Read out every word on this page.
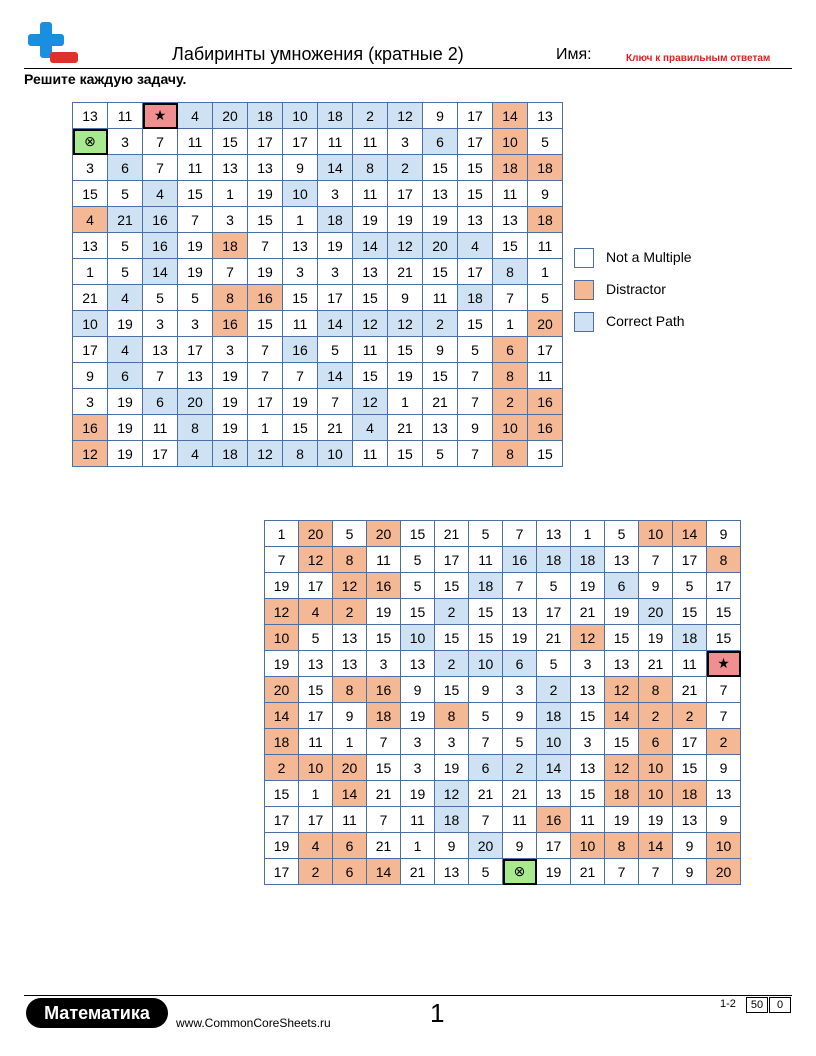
Лабиринты умножения (кратные 2)	Имя:	Ключ к правильным ответам
Решите каждую задачу.
13	11	★	4	20	18	10	18	2	12	9	17	14	13
⊗	3	7	11	15	17	17	11	11	3	6	17	10	5
3	6	7	11	13	13	9	14	8	2	15	15	18	18
15	5	4	15	1	19	10	3	11	17	13	15	11	9
4	21	16	7	3	15	1	18	19	19	19	13	13	18
13	5	16	19	18	7	13	19	14	12	20	4	15	11
1	5	14	19	7	19	3	3	13	21	15	17	8	1
21	4	5	5	8	16	15	17	15	9	11	18	7	5
10	19	3	3	16	15	11	14	12	12	2	15	1	20
17	4	13	17	3	7	16	5	11	15	9	5	6	17
9	6	7	13	19	7	7	14	15	19	15	7	8	11
3	19	6	20	19	17	19	7	12	1	21	7	2	16
16	19	11	8	19	1	15	21	4	21	13	9	10	16
12	19	17	4	18	12	8	10	11	15	5	7	8	15
Not a Multiple
Distractor
Correct Path
1	20	5	20	15	21	5	7	13	1	5	10	14	9
7	12	8	11	5	17	11	16	18	18	13	7	17	8
19	17	12	16	5	15	18	7	5	19	6	9	5	17
12	4	2	19	15	2	15	13	17	21	19	20	15	15
10	5	13	15	10	15	15	19	21	12	15	19	18	15
19	13	13	3	13	2	10	6	5	3	13	21	11	★
20	15	8	16	9	15	9	3	2	13	12	8	21	7
14	17	9	18	19	8	5	9	18	15	14	2	2	7
18	11	1	7	3	3	7	5	10	3	15	6	17	2
2	10	20	15	3	19	6	2	14	13	12	10	15	9
15	1	14	21	19	12	21	21	13	15	18	10	18	13
17	17	11	7	11	18	7	11	16	11	19	19	13	9
19	4	6	21	1	9	20	9	17	10	8	14	9	10
17	2	6	14	21	13	5	⊗	19	21	7	7	9	20
Математика	www.CommonCoreSheets.ru	1	1-2	50	0
